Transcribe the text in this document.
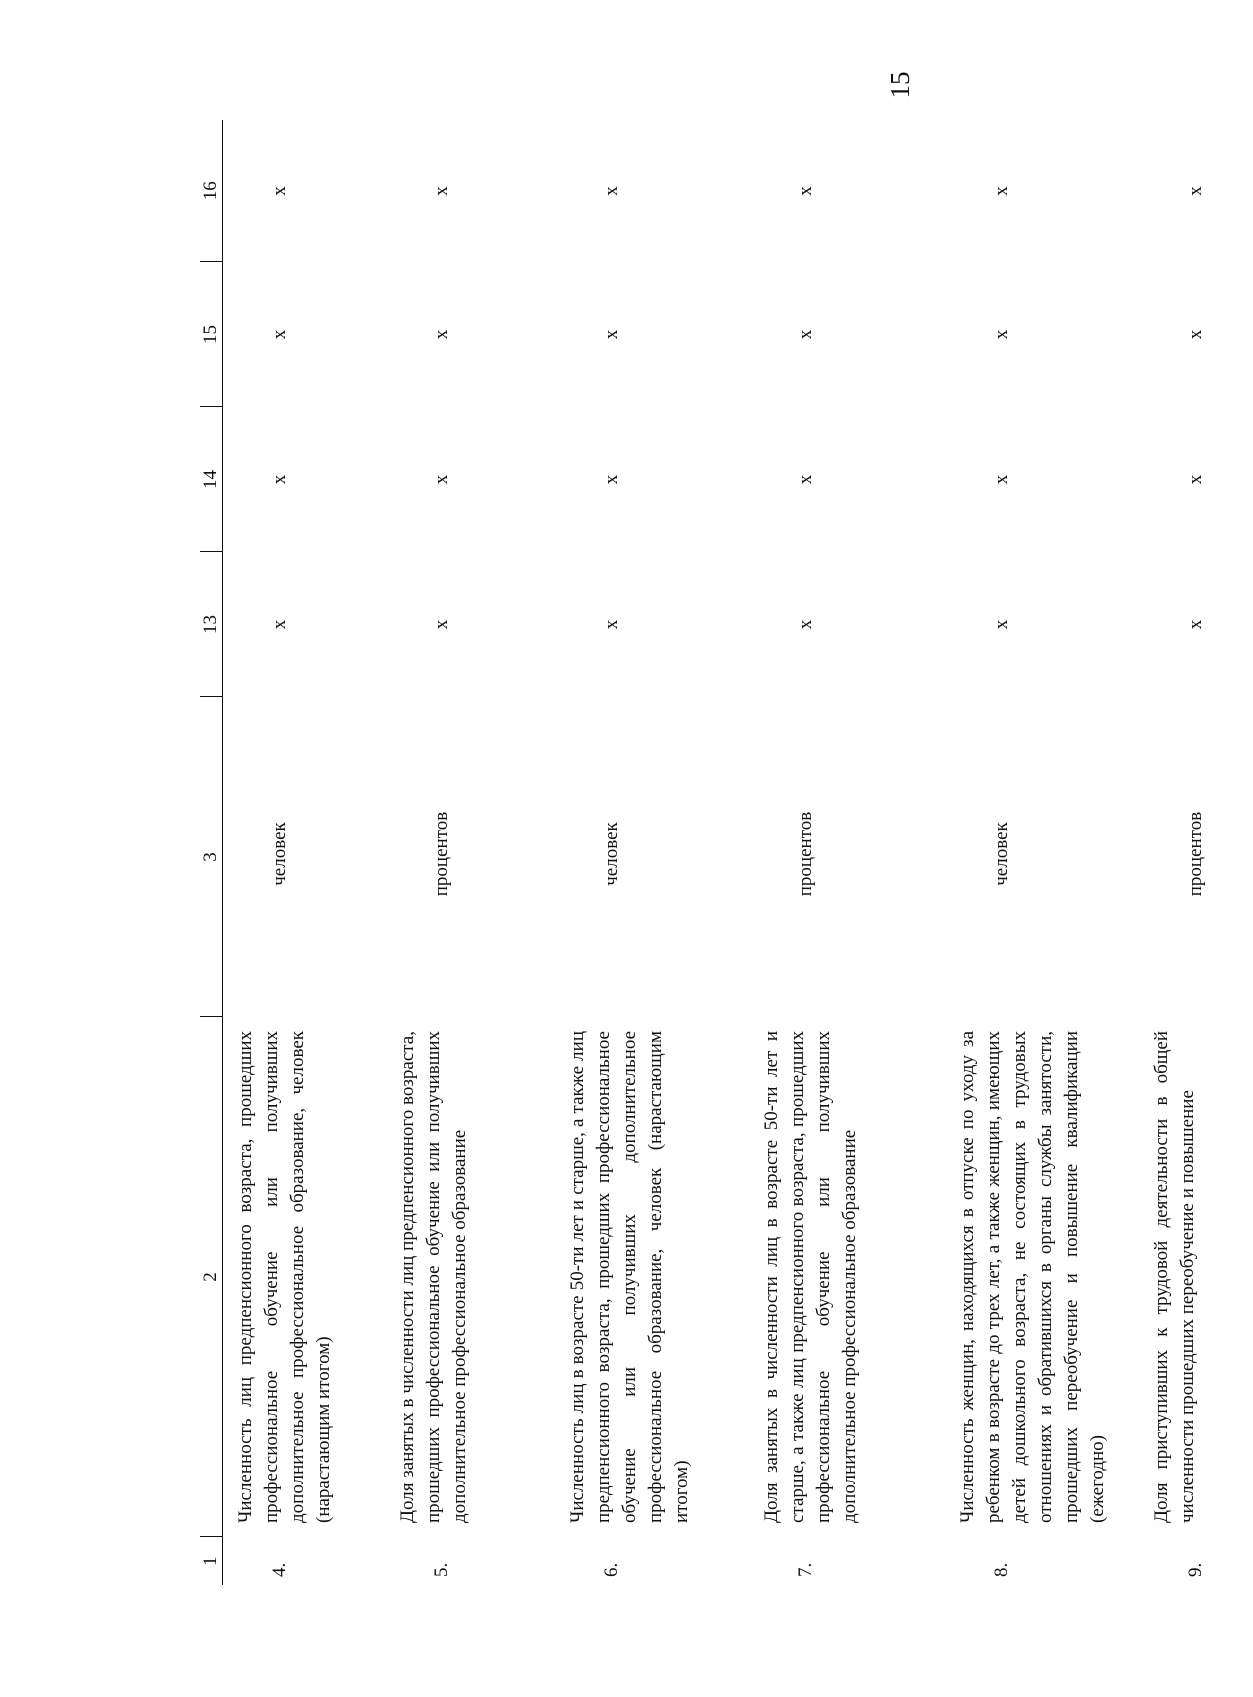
15
1	2	3	13	14	15	16
4.	Численность лиц предпенсионного возраста, прошедших профессиональное обучение или получивших дополнительное профессиональное образование, человек (нарастающим итогом)	человек	x	x	x	x
5.	Доля занятых в численности лиц предпенсионного возраста, прошедших профессиональное обучение или получивших дополнительное профессиональное образование	процентов	x	x	x	x
6.	Численность лиц в возрасте 50-ти лет и старше, а также лиц предпенсионного возраста, прошедших профессиональное обучение или получивших дополнительное профессиональное образование, человек (нарастающим итогом)	человек	x	x	x	x
7.	Доля занятых в численности лиц в возрасте 50-ти лет и старше, а также лиц предпенсионного возраста, прошедших профессиональное обучение или получивших дополнительное профессиональное образование	процентов	x	x	x	x
8.	Численность женщин, находящихся в отпуске по уходу за ребенком в возрасте до трех лет, а также женщин, имеющих детей дошкольного возраста, не состоящих в трудовых отношениях и обратившихся в органы службы занятости, прошедших переобучение и повышение квалификации (ежегодно)	человек	x	x	x	x
9.	Доля приступивших к трудовой деятельности в общей численности прошедших переобучение и повышение	процентов	x	x	x	x
